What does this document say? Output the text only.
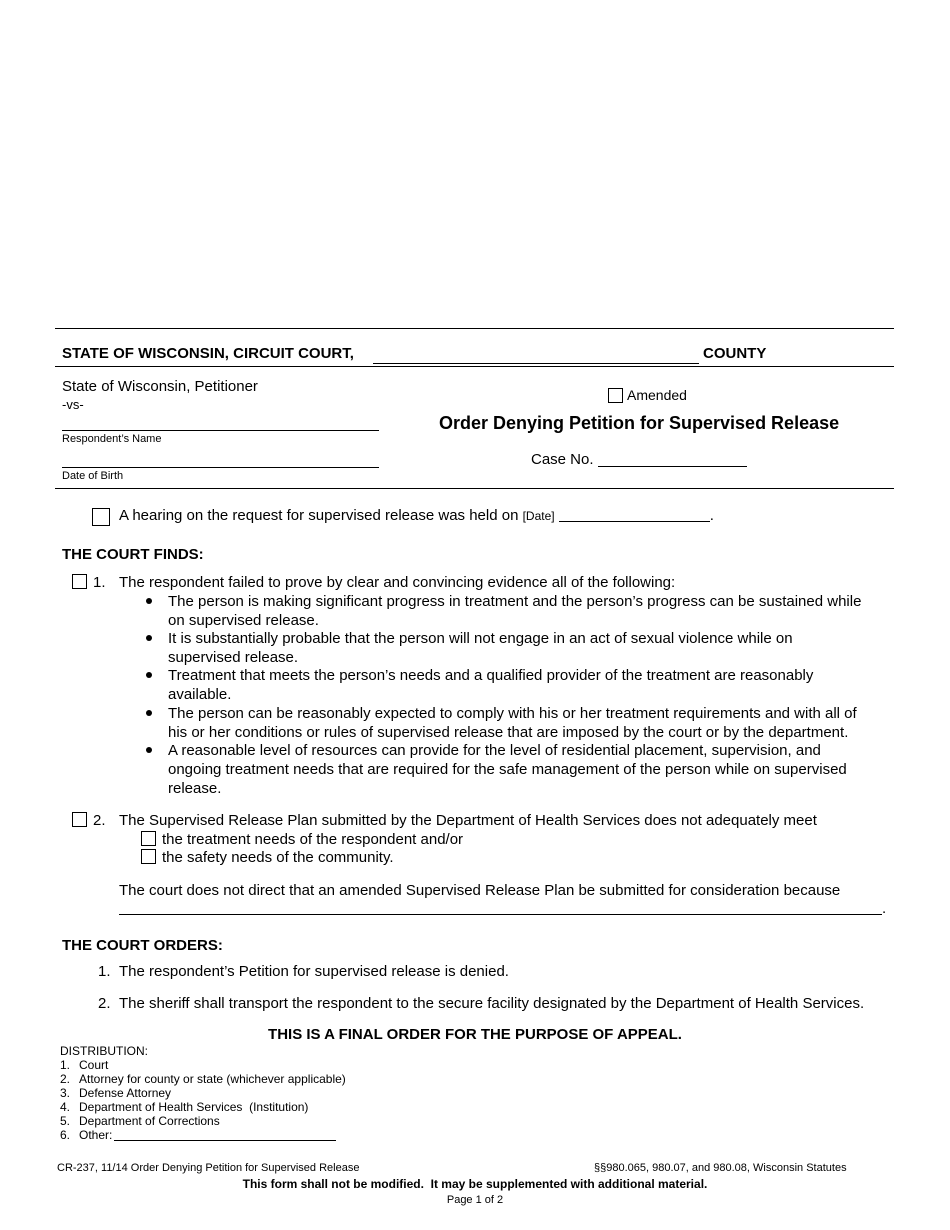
STATE OF WISCONSIN, CIRCUIT COURT,	COUNTY
State of Wisconsin, Petitioner
-vs-
Respondent’s Name
Date of Birth
Amended
Order Denying Petition for Supervised Release
Case No.
A hearing on the request for supervised release was held on [Date]	.
THE COURT FINDS:
1. The respondent failed to prove by clear and convincing evidence all of the following:
The person is making significant progress in treatment and the person’s progress can be sustained while
on supervised release.
It is substantially probable that the person will not engage in an act of sexual violence while on
supervised release.
Treatment that meets the person’s needs and a qualified provider of the treatment are reasonably
available.
The person can be reasonably expected to comply with his or her treatment requirements and with all of
his or her conditions or rules of supervised release that are imposed by the court or by the department.
A reasonable level of resources can provide for the level of residential placement, supervision, and
ongoing treatment needs that are required for the safe management of the person while on supervised
release.
2. The Supervised Release Plan submitted by the Department of Health Services does not adequately meet
the treatment needs of the respondent and/or
the safety needs of the community.
The court does not direct that an amended Supervised Release Plan be submitted for consideration because
.
THE COURT ORDERS:
1. The respondent’s Petition for supervised release is denied.
2. The sheriff shall transport the respondent to the secure facility designated by the Department of Health Services.
THIS IS A FINAL ORDER FOR THE PURPOSE OF APPEAL.
DISTRIBUTION:
1. Court
2. Attorney for county or state (whichever applicable)
3. Defense Attorney
4. Department of Health Services  (Institution)
5. Department of Corrections
6. Other:
CR-237, 11/14 Order Denying Petition for Supervised Release	§§980.065, 980.07, and 980.08, Wisconsin Statutes
This form shall not be modified.  It may be supplemented with additional material.
Page 1 of 2
